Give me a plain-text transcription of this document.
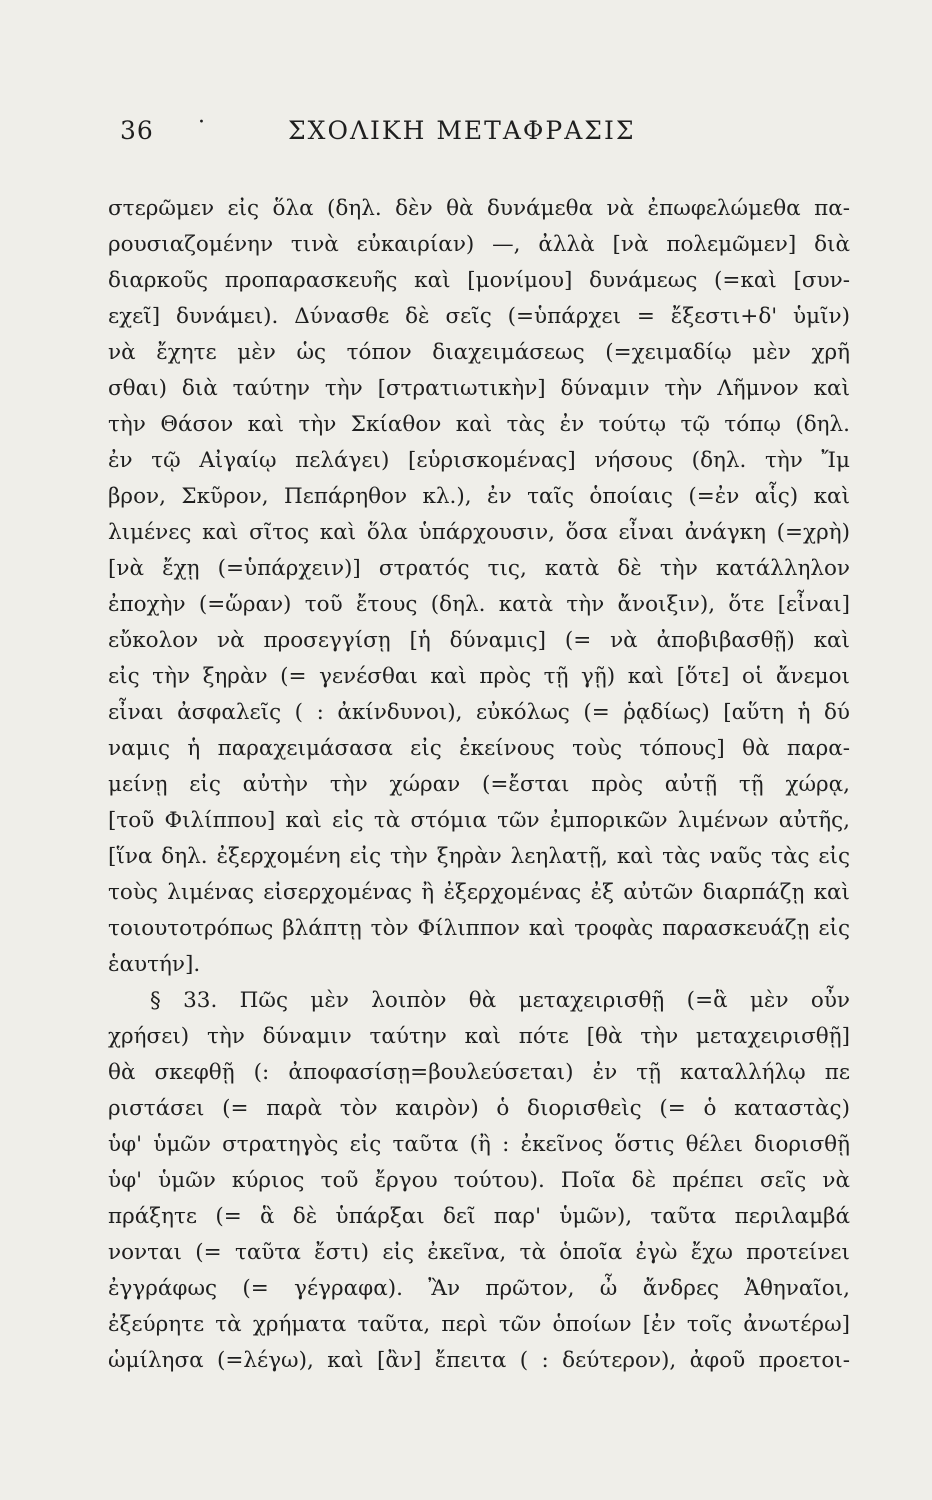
36 ·	ΣΧΟΛΙΚΗ ΜΕΤΑΦΡΑΣΙΣ
στερῶμεν εἰς ὅλα (δηλ. δὲν θὰ δυνάμεθα νὰ ἐπωφελώμεθα πα-
ρουσιαζομένην τινὰ εὐκαιρίαν) —, ἀλλὰ [νὰ πολεμῶμεν] διὰ
διαρκοῦς προπαρασκευῆς καὶ [μονίμου] δυνάμεως (=καὶ [συν-
εχεῖ] δυνάμει). Δύνασθε δὲ σεῖς (=ὑπάρχει = ἔξεστι+δ' ὑμῖν)
νὰ ἔχητε μὲν ὡς τόπον διαχειμάσεως (=χειμαδίῳ μὲν χρῆ
σθαι) διὰ ταύτην τὴν [στρατιωτικὴν] δύναμιν τὴν Λῆμνον καὶ
τὴν Θάσον καὶ τὴν Σκίαθον καὶ τὰς ἐν τούτῳ τῷ τόπῳ (δηλ.
ἐν τῷ Αἰγαίῳ πελάγει) [εὑρισκομένας] νήσους (δηλ. τὴν Ἴμ
βρον, Σκῦρον, Πεπάρηθον κλ.), ἐν ταῖς ὁποίαις (=ἐν αἷς) καὶ
λιμένες καὶ σῖτος καὶ ὅλα ὑπάρχουσιν, ὅσα εἶναι ἀνάγκη (=χρὴ)
[νὰ ἔχῃ (=ὑπάρχειν)] στρατός τις, κατὰ δὲ τὴν κατάλληλον
ἐποχὴν (=ὥραν) τοῦ ἔτους (δηλ. κατὰ τὴν ἄνοιξιν), ὅτε [εἶναι]
εὔκολον νὰ προσεγγίσῃ [ἡ δύναμις] (= νὰ ἀποβιβασθῇ) καὶ
εἰς τὴν ξηρὰν (= γενέσθαι καὶ πρὸς τῇ γῇ) καὶ [ὅτε] οἱ ἄνεμοι
εἶναι ἀσφαλεῖς ( : ἀκίνδυνοι), εὐκόλως (= ῥᾳδίως) [αὕτη ἡ δύ
ναμις ἡ παραχειμάσασα εἰς ἐκείνους τοὺς τόπους] θὰ παρα-
μείνῃ εἰς αὐτὴν τὴν χώραν (=ἔσται πρὸς αὐτῇ τῇ χώρᾳ,
[τοῦ Φιλίππου] καὶ εἰς τὰ στόμια τῶν ἐμπορικῶν λιμένων αὐτῆς,
[ἵνα δηλ. ἐξερχομένη εἰς τὴν ξηρὰν λεηλατῇ, καὶ τὰς ναῦς τὰς εἰς
τοὺς λιμένας εἰσερχομένας ἢ ἐξερχομένας ἐξ αὐτῶν διαρπάζῃ καὶ
τοιουτοτρόπως βλάπτῃ τὸν Φίλιππον καὶ τροφὰς παρασκευάζῃ εἰς
ἑαυτήν].
§ 33. Πῶς μὲν λοιπὸν θὰ μεταχειρισθῇ (=ἃ μὲν οὖν
χρήσει) τὴν δύναμιν ταύτην καὶ πότε [θὰ τὴν μεταχειρισθῇ]
θὰ σκεφθῇ (: ἀποφασίσῃ=βουλεύσεται) ἐν τῇ καταλλήλῳ πε
ριστάσει (= παρὰ τὸν καιρὸν) ὁ διορισθεὶς (= ὁ καταστὰς)
ὑφ' ὑμῶν στρατηγὸς εἰς ταῦτα (ἢ : ἐκεῖνος ὅστις θέλει διορισθῇ
ὑφ' ὑμῶν κύριος τοῦ ἔργου τούτου). Ποῖα δὲ πρέπει σεῖς νὰ
πράξητε (= ἃ δὲ ὑπάρξαι δεῖ παρ' ὑμῶν), ταῦτα περιλαμβά
νονται (= ταῦτα ἔστι) εἰς ἐκεῖνα, τὰ ὁποῖα ἐγὼ ἔχω προτείνει
ἐγγράφως (= γέγραφα). Ἂν πρῶτον, ὦ ἄνδρες Ἀθηναῖοι,
ἐξεύρητε τὰ χρήματα ταῦτα, περὶ τῶν ὁποίων [ἐν τοῖς ἀνωτέρω]
ὡμίλησα (=λέγω), καὶ [ἂν] ἔπειτα ( : δεύτερον), ἀφοῦ προετοι-
